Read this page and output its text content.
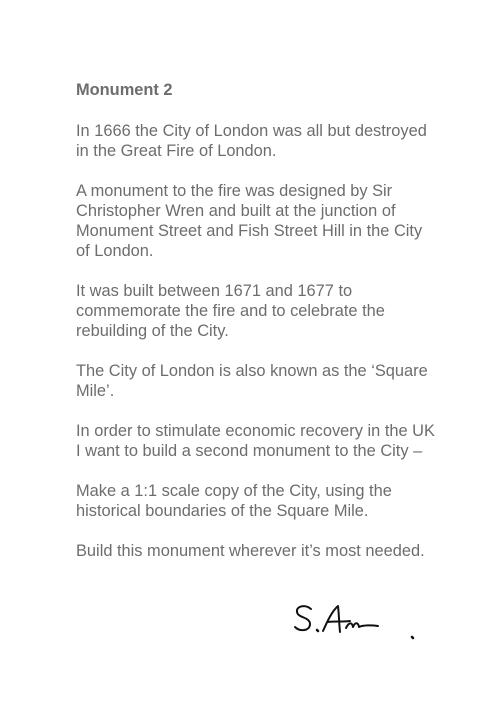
Monument 2

In 1666 the City of London was all but destroyed in the Great Fire of London.

A monument to the fire was designed by Sir Christopher Wren and built at the junction of Monument Street and Fish Street Hill in the City of London.

It was built between 1671 and 1677 to commemorate the fire and to celebrate the rebuilding of the City.

The City of London is also known as the ‘Square Mile’.

In order to stimulate economic recovery in the UK I want to build a second monument to the City –

Make a 1:1 scale copy of the City, using the historical boundaries of the Square Mile.

Build this monument wherever it’s most needed.
